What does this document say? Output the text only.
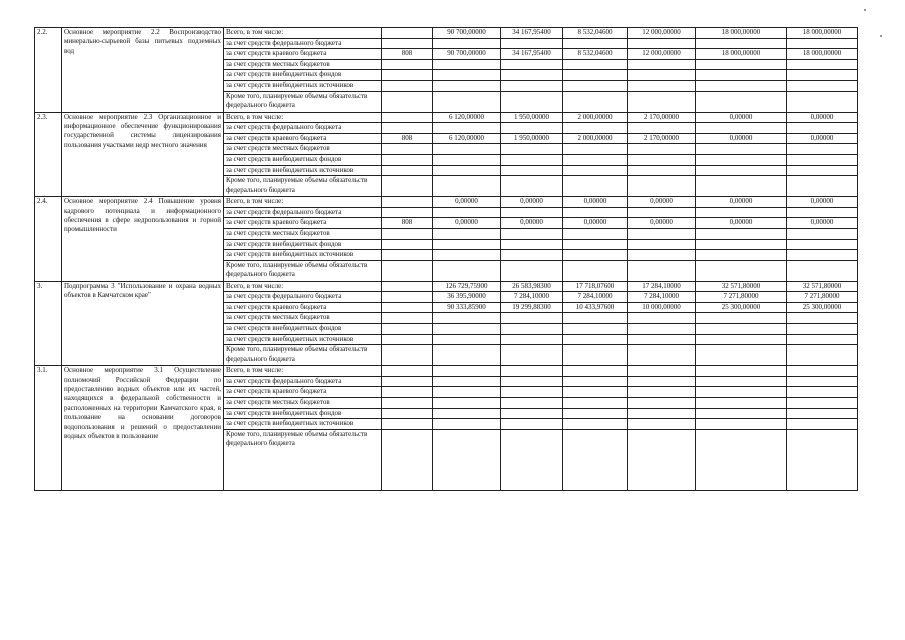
2.2.	Основное мероприятие 2.2 Воспроизводство минерально-сырьевой базы питьевых подземных вод	Всего, в том числе:		90 700,00000	34 167,95400	8 532,04600	12 000,00000	18 000,00000	18 000,00000
		за счет средств федерального бюджета							
		за счет средств краевого бюджета	808	90 700,00000	34 167,95400	8 532,04600	12 000,00000	18 000,00000	18 000,00000
		за счет средств местных бюджетов							
		за счет средств внебюджетных фондов							
		за счет средств внебюджетных источников							
		Кроме того, планируемые объемы обязательств федерального бюджета							
2.3.	Основное мероприятие 2.3 Организационное и информационное обеспечение функционирования государственной системы лицензирования пользования участками недр местного значения	Всего, в том числе:		6 120,00000	1 950,00000	2 000,00000	2 170,00000	0,00000	0,00000
		за счет средств федерального бюджета							
		за счет средств краевого бюджета	808	6 120,00000	1 950,00000	2 000,00000	2 170,00000	0,00000	0,00000
		за счет средств местных бюджетов							
		за счет средств внебюджетных фондов							
		за счет средств внебюджетных источников							
		Кроме того, планируемые объемы обязательств федерального бюджета							
2.4.	Основное мероприятие 2.4 Повышение уровня кадрового потенциала и информационного обеспечения в сфере недропользования и горной промышленности	Всего, в том числе:		0,00000	0,00000	0,00000	0,00000	0,00000	0,00000
		за счет средств федерального бюджета							
		за счет средств краевого бюджета	808	0,00000	0,00000	0,00000	0,00000	0,00000	0,00000
		за счет средств местных бюджетов							
		за счет средств внебюджетных фондов							
		за счет средств внебюджетных источников							
		Кроме того, планируемые объемы обязательств федерального бюджета							
3.	Подпрограмма 3 "Использование и охрана водных объектов в Камчатском крае"	Всего, в том числе:		126 729,75900	26 583,98300	17 718,07600	17 284,10000	32 571,80000	32 571,80000
		за счет средств федерального бюджета		36 395,90000	7 284,10000	7 284,10000	7 284,10000	7 271,80000	7 271,80000
		за счет средств краевого бюджета		90 333,85900	19 299,88300	10 433,97600	10 000,00000	25 300,00000	25 300,00000
		за счет средств местных бюджетов							
		за счет средств внебюджетных фондов							
		за счет средств внебюджетных источников							
		Кроме того, планируемые объемы обязательств федерального бюджета							
3.1.	Основное мероприятие 3.1 Осуществление полномочий Российской Федерации по предоставлению водных объектов или их частей, находящихся в федеральной собственности и расположенных на территории Камчатского края, в пользование на основании договоров водопользования и решений о предоставлении водных объектов в пользование	Всего, в том числе:							
		за счет средств федерального бюджета							
		за счет средств краевого бюджета							
		за счет средств местных бюджетов							
		за счет средств внебюджетных фондов							
		за счет средств внебюджетных источников							
		Кроме того, планируемые объемы обязательств федерального бюджета							
